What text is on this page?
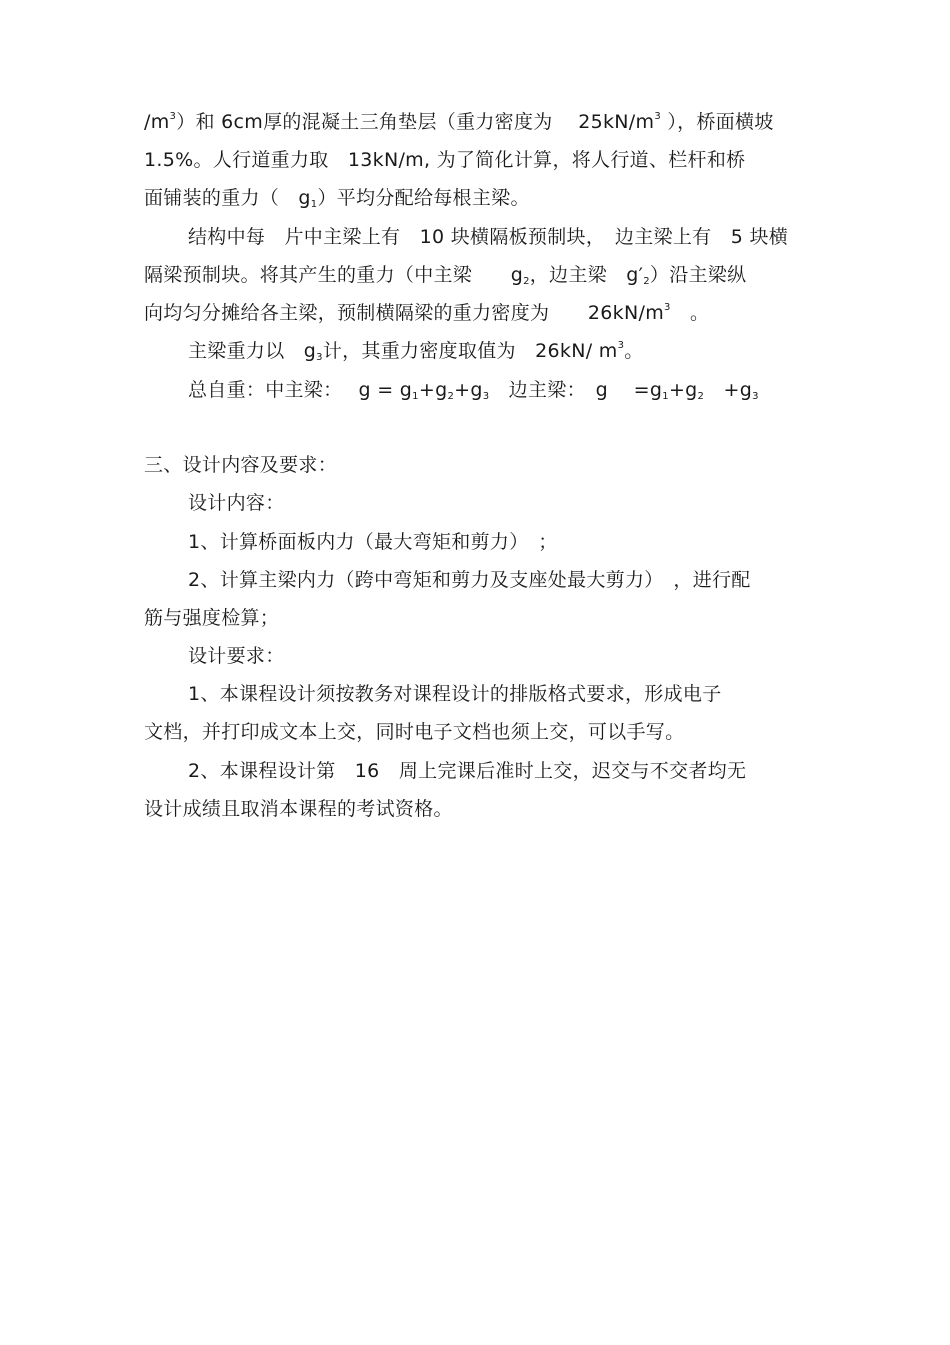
$/m^3$）和 6cm厚的混凝土三角垫层（重力密度为　 $25kN/m^3$ ），桥面横坡
1.5%。人行道重力取　13kN/m, 为了简化计算，将人行道、栏杆和桥
面铺装的重力（　$g_1$）平均分配给每根主梁。
结构中每　片中主梁上有　10 块横隔板预制块，　边主梁上有　5 块横
隔梁预制块。将其产生的重力（中主梁　　$g_2$，边主梁　$g'_2$）沿主梁纵
向均匀分摊给各主梁，预制横隔梁的重力密度为　　$26kN/m^3$　。
主梁重力以　$g_3$计，其重力密度取值为　26kN/ $m^3$。
总自重：中主梁：　 $g = g_1+g_2+g_3$　边主梁：　g　 $=g_1+g_2$　$+g_3$
三、设计内容及要求：
设计内容：
1、计算桥面板内力（最大弯矩和剪力）　；
2、计算主梁内力（跨中弯矩和剪力及支座处最大剪力）　，进行配
筋与强度检算；
设计要求：
1、本课程设计须按教务对课程设计的排版格式要求，形成电子
文档，并打印成文本上交，同时电子文档也须上交，可以手写。
2、本课程设计第　16　周上完课后准时上交，迟交与不交者均无
设计成绩且取消本课程的考试资格。
